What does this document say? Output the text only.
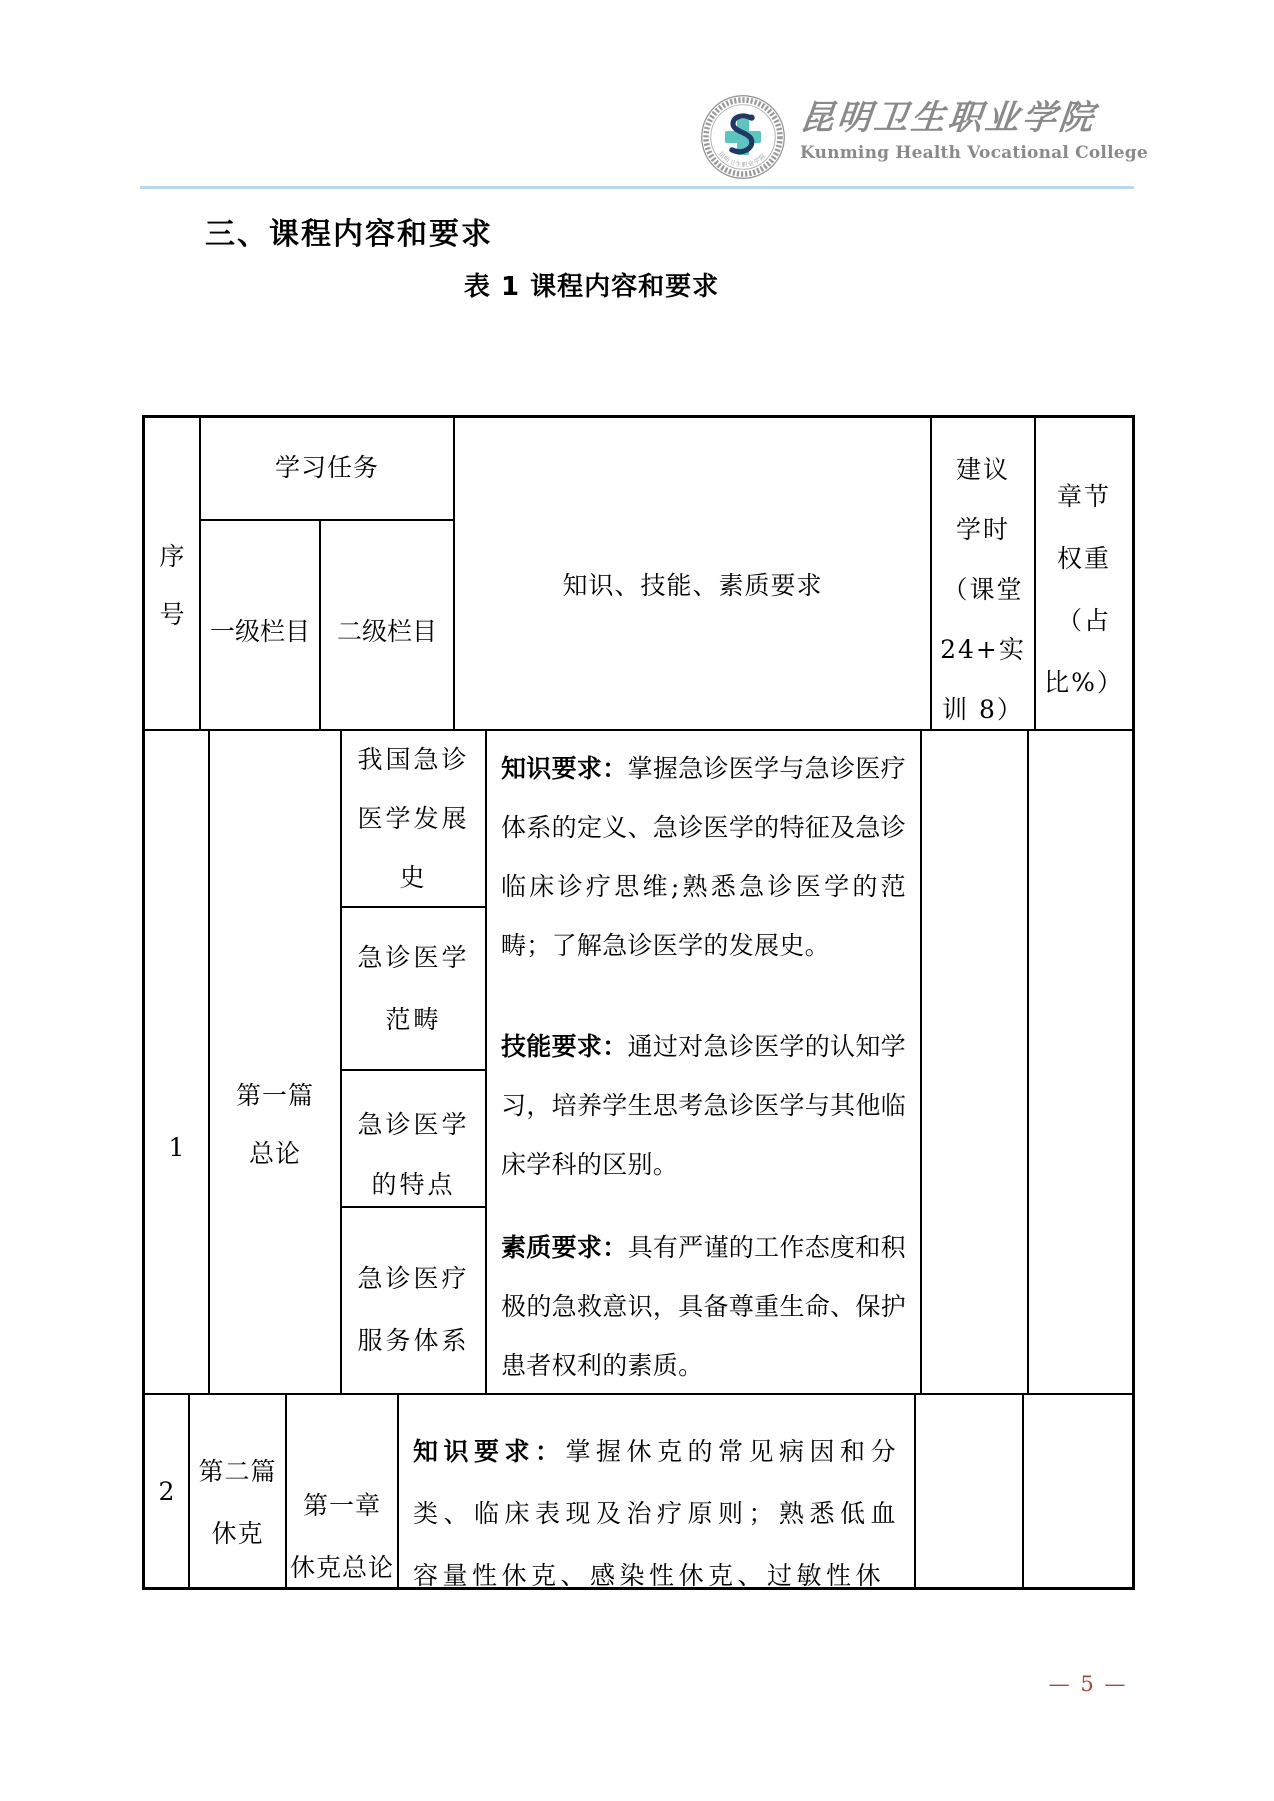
昆明卫生职业学院
昆明卫生职业学院
Kunming Health Vocational College
三、课程内容和要求
表 1 课程内容和要求
序号
学习任务
一级栏目 二级栏目
知识、技能、素质要求
建议
学时
（课堂
24+实
训 8）
章节
权重
（占
比%）
1
第一篇
总论
我国急诊
医学发展
史
急诊医学
范畴
急诊医学
的特点
急诊医疗
服务体系

知识要求：掌握急诊医学与急诊医疗体系的定义、急诊医学的特征及急诊临床诊疗思维;熟悉急诊医学的范畴；了解急诊医学的发展史。

技能要求：通过对急诊医学的认知学习，培养学生思考急诊医学与其他临床学科的区别。

素质要求：具有严谨的工作态度和积极的急救意识，具备尊重生命、保护患者权利的素质。

2
第二篇
休克
第一章
休克总论

知识要求：掌握休克的常见病因和分类、临床表现及治疗原则；熟悉低血容量性休克、感染性休克、过敏性休

— 5 —
